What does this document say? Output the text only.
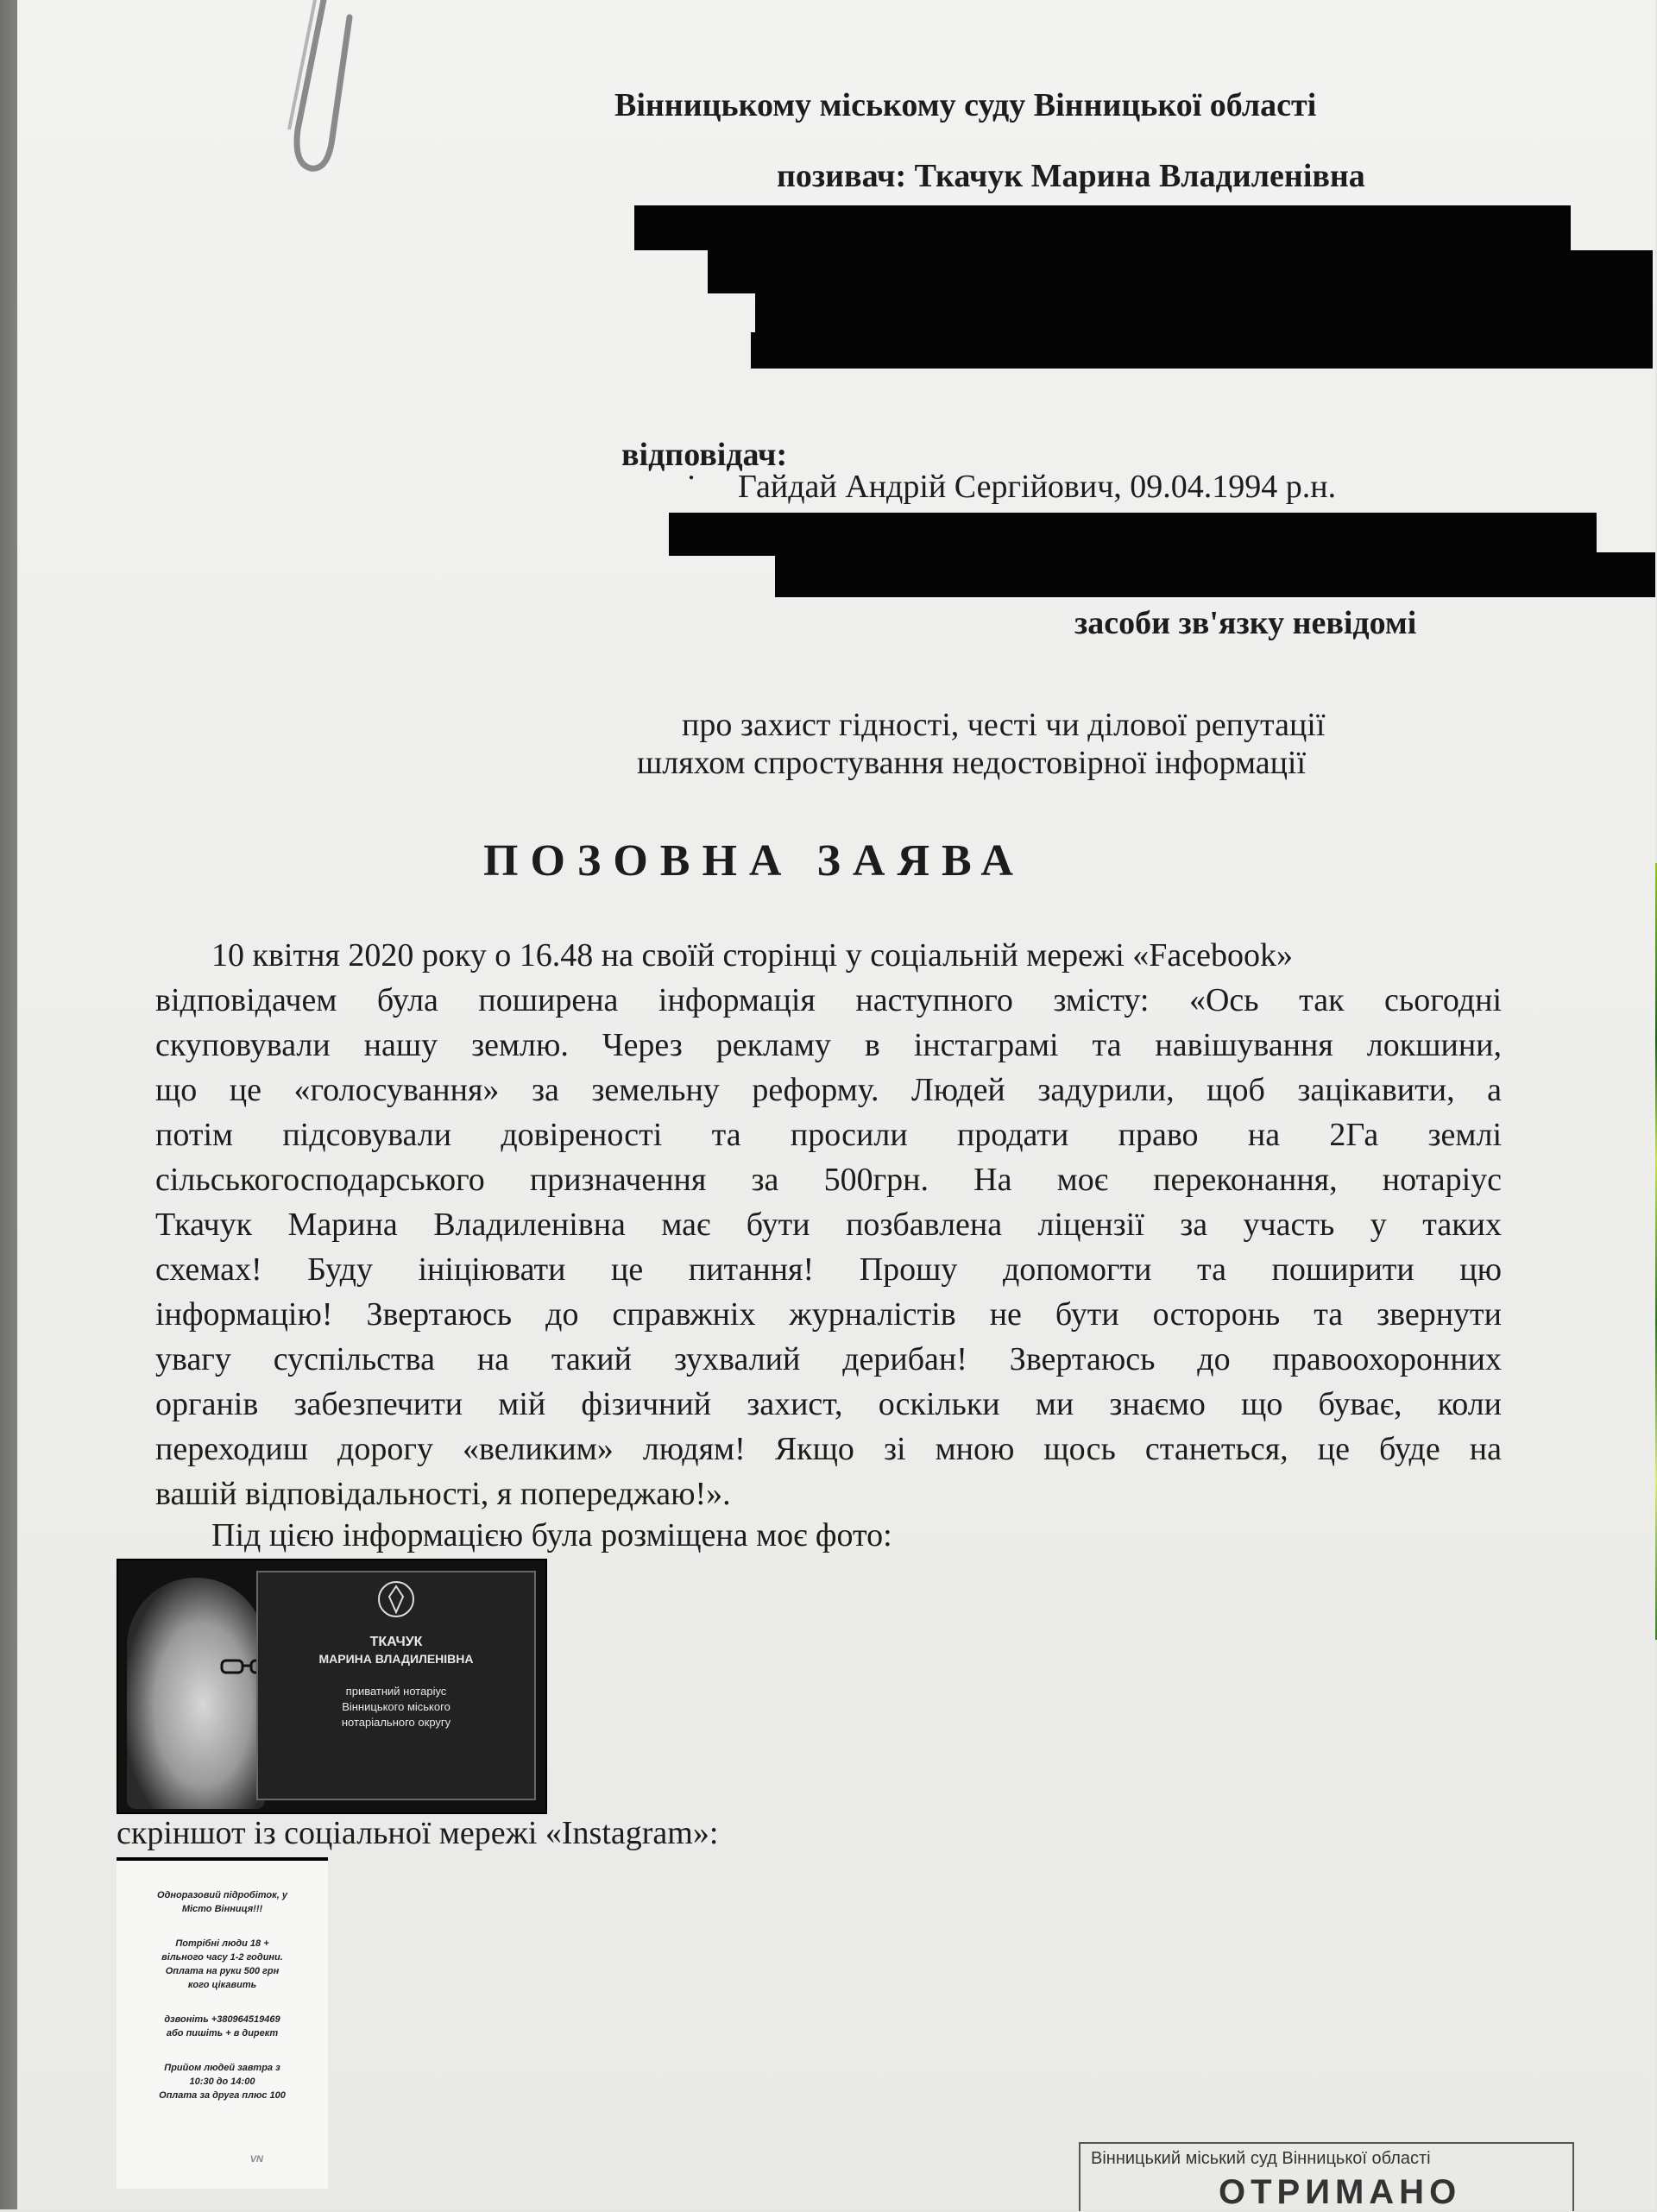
Вінницькому міському суду Вінницької області
позивач: Ткачук Марина Владиленівна
відповідач:
● Гайдай Андрій Сергійович, 09.04.1994 р.н.
засоби зв'язку невідомі
про захист гідності, честі чи ділової репутації
шляхом спростування недостовірної інформації
ПОЗОВНА ЗАЯВА
10 квітня 2020 року о 16.48 на своїй сторінці у соціальній мережі «Facebook»
відповідачем була поширена інформація наступного змісту: «Ось так сьогодні
скуповували нашу землю. Через рекламу в інстаграмі та навішування локшини,
що це «голосування» за земельну реформу. Людей задурили, щоб зацікавити, а
потім підсовували довіреності та просили продати право на 2Га землі
сільськогосподарського призначення за 500грн. На моє переконання, нотаріус
Ткачук Марина Владиленівна має бути позбавлена ліцензії за участь у таких
схемах! Буду ініціювати це питання! Прошу допомогти та поширити цю
інформацію! Звертаюсь до справжніх журналістів не бути осторонь та звернути
увагу суспільства на такий зухвалий дерибан! Звертаюсь до правоохоронних
органів забезпечити мій фізичний захист, оскільки ми знаємо що буває, коли
переходиш дорогу «великим» людям! Якщо зі мною щось станеться, це буде на
вашій відповідальності, я попереджаю!».
Під цією інформацією була розміщена моє фото:
ТКАЧУК
МАРИНА ВЛАДИЛЕНІВНА
приватний нотаріус
Вінницького міського
нотаріального округу
скріншот із соціальної мережі «Instagram»:
Одноразовий підробіток, у
Місто Вінниця!!!
Потрібні люди 18 +
вільного часу 1-2 години.
Оплата на руки 500 грн
кого цікавить
дзвоніть +380964519469
або пишіть + в директ
Прийом людей завтра з
10:30 до 14:00
Оплата за друга плюс 100
VN	Вінницький міський суд Вінницької області
ОТРИМАНО
